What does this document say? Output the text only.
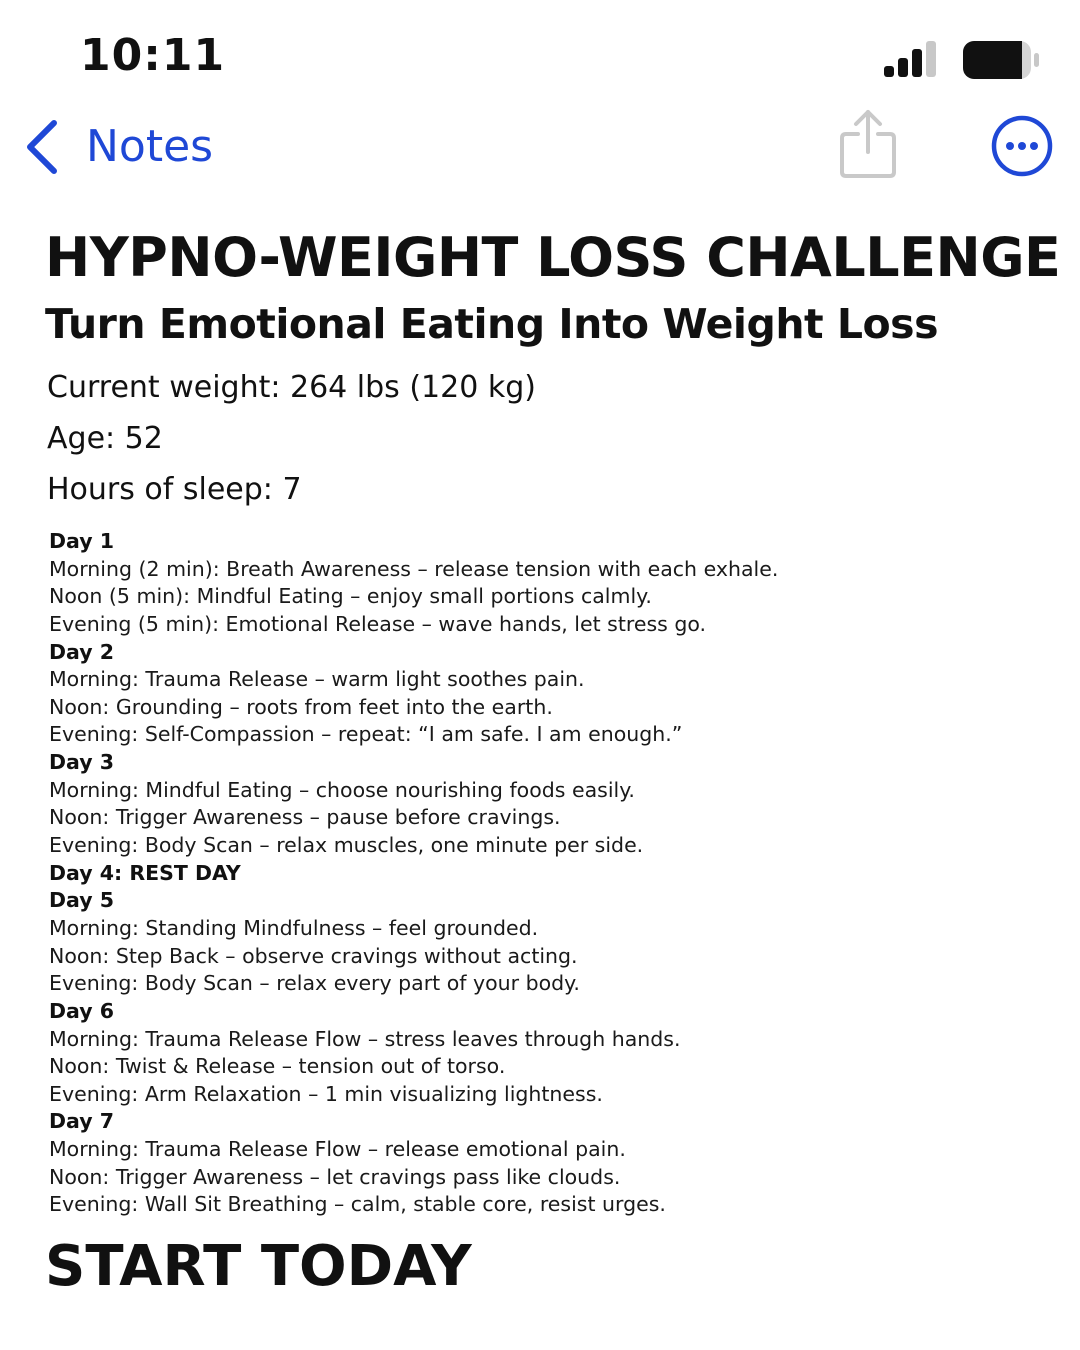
10:11
Notes
HYPNO-WEIGHT LOSS CHALLENGE
Turn Emotional Eating Into Weight Loss
Current weight: 264 lbs (120 kg)
Age: 52
Hours of sleep: 7
Day 1
Morning (2 min): Breath Awareness – release tension with each exhale.
Noon (5 min): Mindful Eating – enjoy small portions calmly.
Evening (5 min): Emotional Release – wave hands, let stress go.
Day 2
Morning: Trauma Release – warm light soothes pain.
Noon: Grounding – roots from feet into the earth.
Evening: Self-Compassion – repeat: “I am safe. I am enough.”
Day 3
Morning: Mindful Eating – choose nourishing foods easily.
Noon: Trigger Awareness – pause before cravings.
Evening: Body Scan – relax muscles, one minute per side.
Day 4: REST DAY
Day 5
Morning: Standing Mindfulness – feel grounded.
Noon: Step Back – observe cravings without acting.
Evening: Body Scan – relax every part of your body.
Day 6
Morning: Trauma Release Flow – stress leaves through hands.
Noon: Twist & Release – tension out of torso.
Evening: Arm Relaxation – 1 min visualizing lightness.
Day 7
Morning: Trauma Release Flow – release emotional pain.
Noon: Trigger Awareness – let cravings pass like clouds.
Evening: Wall Sit Breathing – calm, stable core, resist urges.
START TODAY
